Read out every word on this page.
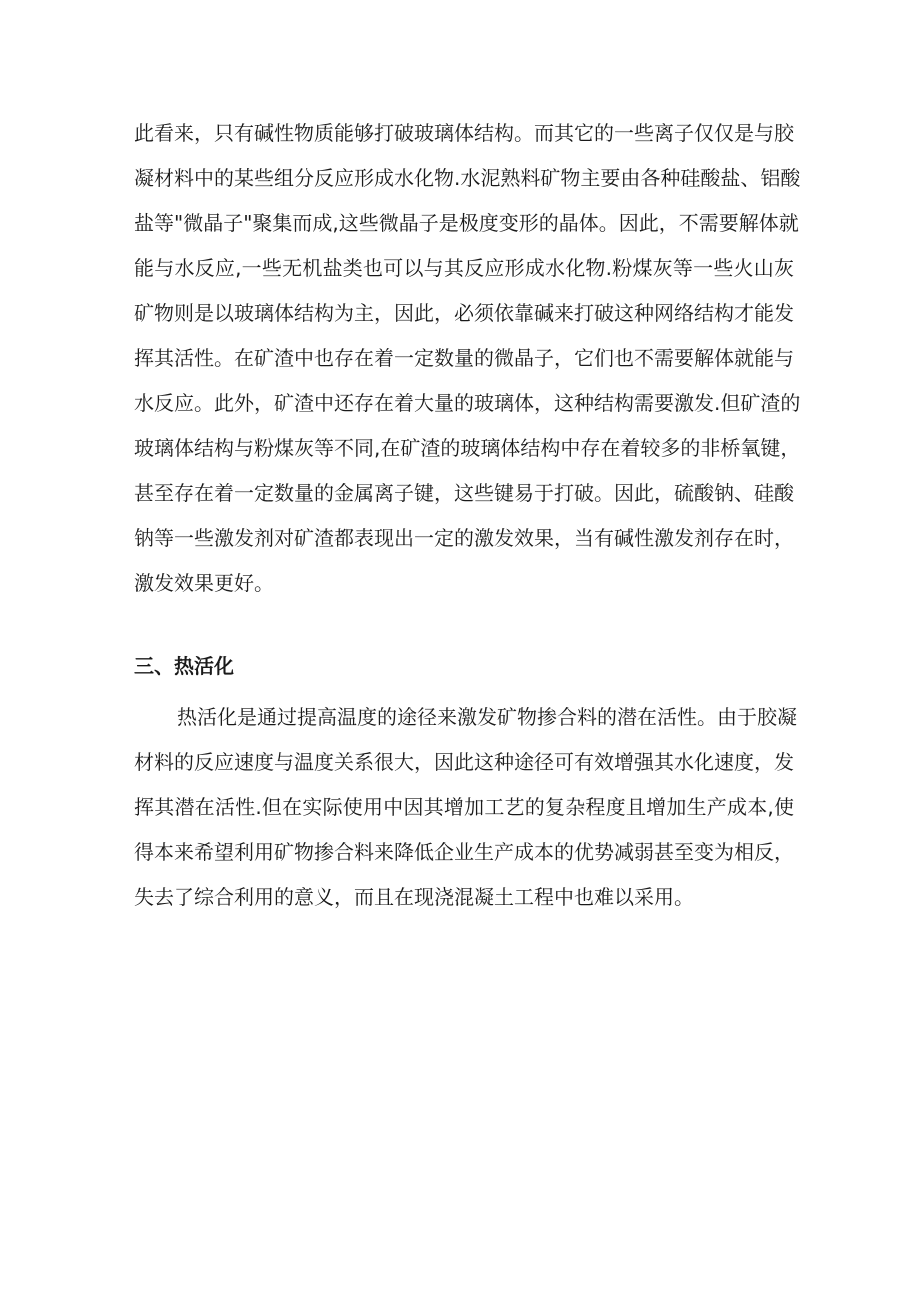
此看来，只有碱性物质能够打破玻璃体结构。而其它的一些离子仅仅是与胶
凝材料中的某些组分反应形成水化物.水泥熟料矿物主要由各种硅酸盐、铝酸
盐等"微晶子"聚集而成,这些微晶子是极度变形的晶体。因此，不需要解体就
能与水反应,一些无机盐类也可以与其反应形成水化物.粉煤灰等一些火山灰
矿物则是以玻璃体结构为主，因此，必须依靠碱来打破这种网络结构才能发
挥其活性。在矿渣中也存在着一定数量的微晶子，它们也不需要解体就能与
水反应。此外，矿渣中还存在着大量的玻璃体，这种结构需要激发.但矿渣的
玻璃体结构与粉煤灰等不同,在矿渣的玻璃体结构中存在着较多的非桥氧键，
甚至存在着一定数量的金属离子键，这些键易于打破。因此，硫酸钠、硅酸
钠等一些激发剂对矿渣都表现出一定的激发效果，当有碱性激发剂存在时，
激发效果更好。
三、热活化
热活化是通过提高温度的途径来激发矿物掺合料的潜在活性。由于胶凝
材料的反应速度与温度关系很大，因此这种途径可有效增强其水化速度，发
挥其潜在活性.但在实际使用中因其增加工艺的复杂程度且增加生产成本,使
得本来希望利用矿物掺合料来降低企业生产成本的优势减弱甚至变为相反，
失去了综合利用的意义，而且在现浇混凝土工程中也难以采用。
